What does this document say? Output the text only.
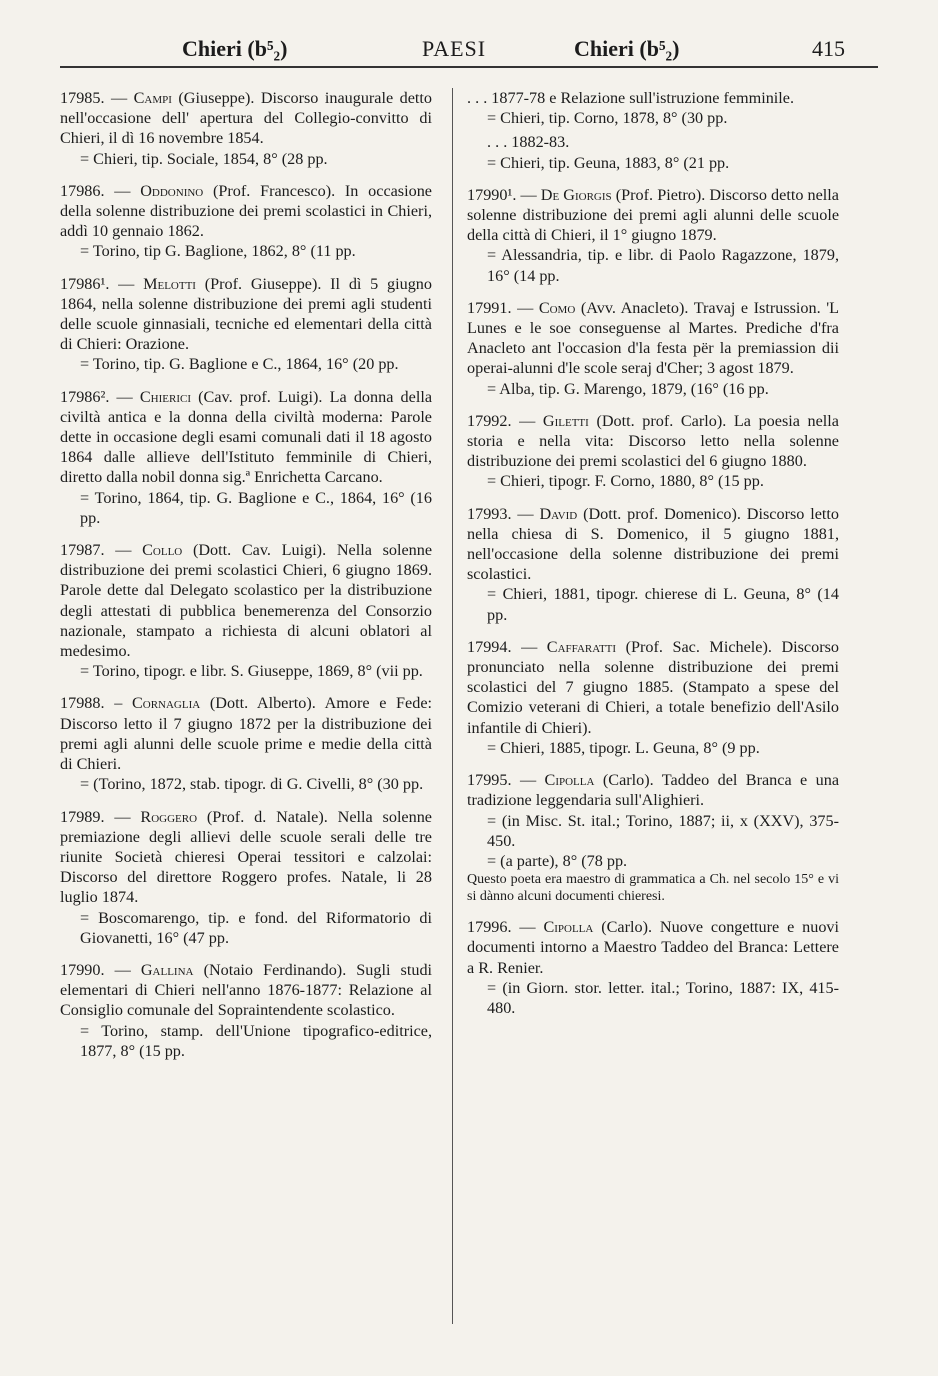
Chieri (b⁵₂)	PAESI	Chieri (b⁵₂)	415

17985. — Campi (Giuseppe). Discorso inaugurale detto nell'occasione dell' apertura del Collegio-convitto di Chieri, il dì 16 novembre 1854.

= Chieri, tip. Sociale, 1854, 8° (28 pp.

17986. — Oddonino (Prof. Francesco). In occasione della solenne distribuzione dei premi scolastici in Chieri, addì 10 gennaio 1862.

= Torino, tip G. Baglione, 1862, 8° (11 pp.

17986¹. — Melotti (Prof. Giuseppe). Il dì 5 giugno 1864, nella solenne distribuzione dei premi agli studenti delle scuole ginnasiali, tecniche ed elementari della città di Chieri: Orazione.

= Torino, tip. G. Baglione e C., 1864, 16° (20 pp.

17986². — Chierici (Cav. prof. Luigi). La donna della civiltà antica e la donna della civiltà moderna: Parole dette in occasione degli esami comunali dati il 18 agosto 1864 dalle allieve dell'Istituto femminile di Chieri, diretto dalla nobil donna sig.ª Enrichetta Carcano.

= Torino, 1864, tip. G. Baglione e C., 1864, 16° (16 pp.

17987. — Collo (Dott. Cav. Luigi). Nella solenne distribuzione dei premi scolastici Chieri, 6 giugno 1869. Parole dette dal Delegato scolastico per la distribuzione degli attestati di pubblica benemerenza del Consorzio nazionale, stampato a richiesta di alcuni oblatori al medesimo.

= Torino, tipogr. e libr. S. Giuseppe, 1869, 8° (vii pp.

17988. – Cornaglia (Dott. Alberto). Amore e Fede: Discorso letto il 7 giugno 1872 per la distribuzione dei premi agli alunni delle scuole prime e medie della città di Chieri.

= (Torino, 1872, stab. tipogr. di G. Civelli, 8° (30 pp.

17989. — Roggero (Prof. d. Natale). Nella solenne premiazione degli allievi delle scuole serali delle tre riunite Società chieresi Operai tessitori e calzolai: Discorso del direttore Roggero profes. Natale, li 28 luglio 1874.

= Boscomarengo, tip. e fond. del Riformatorio di Giovanetti, 16° (47 pp.

17990. — Gallina (Notaio Ferdinando). Sugli studi elementari di Chieri nell'anno 1876-1877: Relazione al Consiglio comunale del Sopraintendente scolastico.

= Torino, stamp. dell'Unione tipografico-editrice, 1877, 8° (15 pp.

. . . 1877-78 e Relazione sull'istruzione femminile.

= Chieri, tip. Corno, 1878, 8° (30 pp.

. . . 1882-83.

= Chieri, tip. Geuna, 1883, 8° (21 pp.

17990¹. — De Giorgis (Prof. Pietro). Discorso detto nella solenne distribuzione dei premi agli alunni delle scuole della città di Chieri, il 1° giugno 1879.

= Alessandria, tip. e libr. di Paolo Ragazzone, 1879, 16° (14 pp.

17991. — Como (Avv. Anacleto). Travaj e Istrussion. 'L Lunes e le soe conseguense al Martes. Prediche d'fra Anacleto ant l'occasion d'la festa për la premiassion dii operai-alunni d'le scole seraj d'Cher; 3 agost 1879.

= Alba, tip. G. Marengo, 1879, (16° (16 pp.

17992. — Giletti (Dott. prof. Carlo). La poesia nella storia e nella vita: Discorso letto nella solenne distribuzione dei premi scolastici del 6 giugno 1880.

= Chieri, tipogr. F. Corno, 1880, 8° (15 pp.

17993. — David (Dott. prof. Domenico). Discorso letto nella chiesa di S. Domenico, il 5 giugno 1881, nell'occasione della solenne distribuzione dei premi scolastici.

= Chieri, 1881, tipogr. chierese di L. Geuna, 8° (14 pp.

17994. — Caffaratti (Prof. Sac. Michele). Discorso pronunciato nella solenne distribuzione dei premi scolastici del 7 giugno 1885. (Stampato a spese del Comizio veterani di Chieri, a totale benefizio dell'Asilo infantile di Chieri).

= Chieri, 1885, tipogr. L. Geuna, 8° (9 pp.

17995. — Cipolla (Carlo). Taddeo del Branca e una tradizione leggendaria sull'Alighieri.

= (in Misc. St. ital.; Torino, 1887; ii, x (XXV), 375-450.

= (a parte), 8° (78 pp.

Questo poeta era maestro di grammatica a Ch. nel secolo 15° e vi si dànno alcuni documenti chieresi.

17996. — Cipolla (Carlo). Nuove congetture e nuovi documenti intorno a Maestro Taddeo del Branca: Lettere a R. Renier.

= (in Giorn. stor. letter. ital.; Torino, 1887: IX, 415-480.
